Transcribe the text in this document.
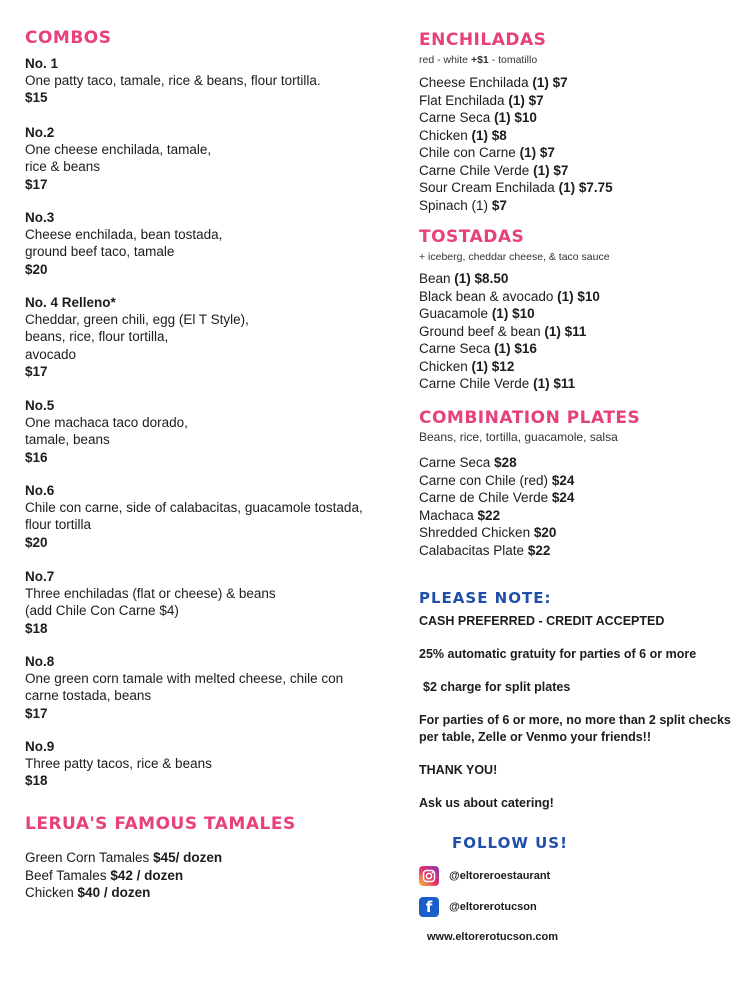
COMBOS
No. 1
One patty taco, tamale, rice & beans, flour tortilla.
$15
No.2
One cheese enchilada, tamale,
rice & beans
$17
No.3
Cheese enchilada, bean tostada,
ground beef taco, tamale
$20
No. 4 Relleno*
Cheddar, green chili, egg (El T Style),
beans, rice, flour tortilla,
avocado
$17
No.5
One machaca taco dorado,
tamale, beans
$16
No.6
Chile con carne, side of calabacitas, guacamole tostada,
flour tortilla
$20
No.7
Three enchiladas (flat or cheese) & beans
(add Chile Con Carne $4)
$18
No.8
One green corn tamale with melted cheese, chile con
carne tostada, beans
$17
No.9
Three patty tacos, rice & beans
$18
LERUA'S FAMOUS TAMALES
Green Corn Tamales $45/ dozen
Beef Tamales $42 / dozen
Chicken $40 / dozen
ENCHILADAS
red - white +$1 - tomatillo
Cheese Enchilada (1) $7
Flat Enchilada (1) $7
Carne Seca (1) $10
Chicken (1) $8
Chile con Carne (1) $7
Carne Chile Verde (1) $7
Sour Cream Enchilada (1) $7.75
Spinach (1) $7
TOSTADAS
+ iceberg, cheddar cheese, & taco sauce
Bean (1) $8.50
Black bean & avocado (1) $10
Guacamole (1) $10
Ground beef & bean (1) $11
Carne Seca (1) $16
Chicken (1) $12
Carne Chile Verde (1) $11
COMBINATION PLATES
Beans, rice, tortilla, guacamole, salsa
Carne Seca $28
Carne con Chile (red) $24
Carne de Chile Verde $24
Machaca $22
Shredded Chicken $20
Calabacitas Plate $22
PLEASE NOTE:
CASH PREFERRED - CREDIT ACCEPTED
25% automatic gratuity for parties of 6 or more
$2 charge for split plates
For parties of 6 or more, no more than 2 split checks per table, Zelle or Venmo your friends!!
THANK YOU!
Ask us about catering!
FOLLOW US!
@eltoreroestaurant
f	@eltorerotucson
www.eltorerotucson.com
